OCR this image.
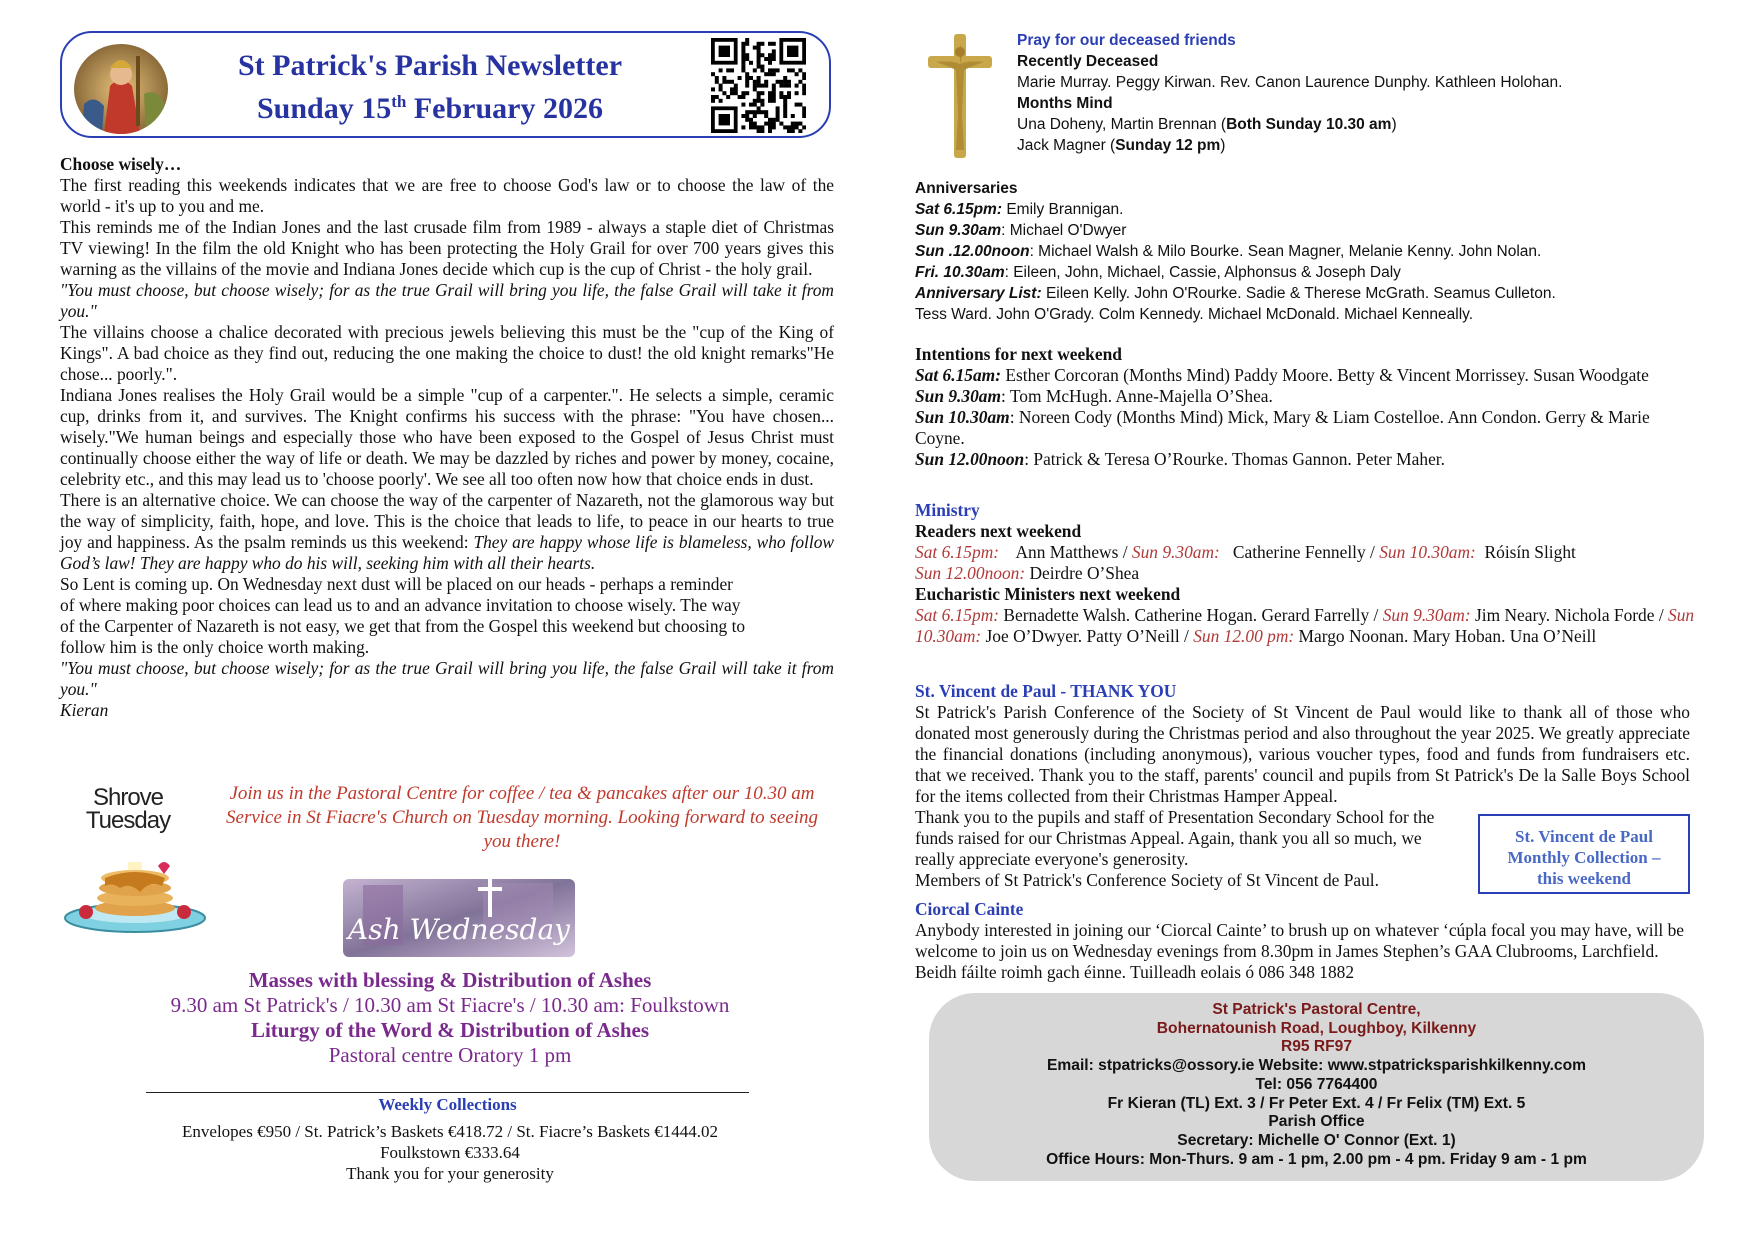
St Patrick's Parish Newsletter
Sunday 15th February 2026

Choose wisely…

The first reading this weekends indicates that we are free to choose God's law or to choose the law of the world - it's up to you and me.

This reminds me of the Indian Jones and the last crusade film from 1989 - always a staple diet of Christmas TV viewing! In the film the old Knight who has been protecting the Holy Grail for over 700 years gives this warning as the villains of the movie and Indiana Jones decide which cup is the cup of Christ - the holy grail.

"You must choose, but choose wisely; for as the true Grail will bring you life, the false Grail will take it from you."

The villains choose a chalice decorated with precious jewels believing this must be the "cup of the King of Kings". A bad choice as they find out, reducing the one making the choice to dust! the old knight remarks"He chose... poorly.".

Indiana Jones realises the Holy Grail would be a simple "cup of a carpenter.". He selects a simple, ceramic cup, drinks from it, and survives. The Knight confirms his success with the phrase: "You have chosen... wisely."We human beings and especially those who have been exposed to the Gospel of Jesus Christ must continually choose either the way of life or death. We may be dazzled by riches and power by money, cocaine, celebrity etc., and this may lead us to 'choose poorly'. We see all too often now how that choice ends in dust.

There is an alternative choice. We can choose the way of the carpenter of Nazareth, not the glamorous way but the way of simplicity, faith, hope, and love. This is the choice that leads to life, to peace in our hearts to true joy and happiness. As the psalm reminds us this weekend: They are happy whose life is blameless, who follow God’s law! They are happy who do his will, seeking him with all their hearts.

So Lent is coming up. On Wednesday next dust will be placed on our heads - perhaps a reminder of where making poor choices can lead us to and an advance invitation to choose wisely. The way of the Carpenter of Nazareth is not easy, we get that from the Gospel this weekend but choosing to follow him is the only choice worth making.

"You must choose, but choose wisely; for as the true Grail will bring you life, the false Grail will take it from you."

Kieran

Shrove
Tuesday
Join us in the Pastoral Centre for coffee / tea & pancakes after our 10.30 am Service in St Fiacre's Church on Tuesday morning. Looking forward to seeing you there!
Ash Wednesday
Masses with blessing & Distribution of Ashes
9.30 am St Patrick's / 10.30 am St Fiacre's / 10.30 am: Foulkstown
Liturgy of the Word & Distribution of Ashes
Pastoral centre Oratory 1 pm
Weekly Collections
Envelopes €950 / St. Patrick’s Baskets €418.72 / St. Fiacre’s Baskets €1444.02
Foulkstown €333.64
Thank you for your generosity
Pray for our deceased friends
Recently Deceased
Marie Murray. Peggy Kirwan. Rev. Canon Laurence Dunphy. Kathleen Holohan.
Months Mind
Una Doheny, Martin Brennan (Both Sunday 10.30 am)
Jack Magner (Sunday 12 pm)
Anniversaries
Sat 6.15pm: Emily Brannigan.
Sun 9.30am: Michael O'Dwyer
Sun .12.00noon: Michael Walsh & Milo Bourke. Sean Magner, Melanie Kenny. John Nolan.
Fri. 10.30am: Eileen, John, Michael, Cassie, Alphonsus & Joseph Daly
Anniversary List: Eileen Kelly. John O'Rourke. Sadie & Therese McGrath. Seamus Culleton.
Tess Ward. John O'Grady. Colm Kennedy. Michael McDonald. Michael Kenneally.
Intentions for next weekend
Sat 6.15am: Esther Corcoran (Months Mind) Paddy Moore. Betty & Vincent Morrissey. Susan Woodgate
Sun 9.30am: Tom McHugh. Anne-Majella O’Shea.
Sun 10.30am: Noreen Cody (Months Mind) Mick, Mary & Liam Costelloe. Ann Condon. Gerry & Marie Coyne.
Sun 12.00noon: Patrick & Teresa O’Rourke. Thomas Gannon. Peter Maher.
Ministry
Readers next weekend
Sat 6.15pm:    Ann Matthews / Sun 9.30am:   Catherine Fennelly / Sun 10.30am:  Róisín Slight
Sun 12.00noon: Deirdre O’Shea
Eucharistic Ministers next weekend
Sat 6.15pm: Bernadette Walsh. Catherine Hogan. Gerard Farrelly / Sun 9.30am: Jim Neary. Nichola Forde / Sun 10.30am: Joe O’Dwyer. Patty O’Neill / Sun 12.00 pm: Margo Noonan. Mary Hoban. Una O’Neill
St. Vincent de Paul - THANK YOU
St Patrick's Parish Conference of the Society of St Vincent de Paul would like to thank all of those who donated most generously during the Christmas period and also throughout the year 2025. We greatly appreciate the financial donations (including anonymous), various voucher types, food and funds from fundraisers etc. that we received. Thank you to the staff, parents' council and pupils from St Patrick's De la Salle Boys School for the items collected from their Christmas Hamper Appeal.
Thank you to the pupils and staff of Presentation Secondary School for the
funds raised for our Christmas Appeal. Again, thank you all so much, we
really appreciate everyone's generosity.
Members of St Patrick's Conference Society of St Vincent de Paul.
St. Vincent de Paul
Monthly Collection –
this weekend
Ciorcal Cainte
Anybody interested in joining our ‘Ciorcal Cainte’ to brush up on whatever ‘cúpla focal you may have, will be welcome to join us on Wednesday evenings from 8.30pm in James Stephen’s GAA Clubrooms, Larchfield. Beidh fáilte roimh gach éinne. Tuilleadh eolais ó 086 348 1882
St Patrick's Pastoral Centre,
Bohernatounish Road, Loughboy, Kilkenny
R95 RF97
Email: stpatricks@ossory.ie Website: www.stpatricksparishkilkenny.com
Tel: 056 7764400
Fr Kieran (TL) Ext. 3 / Fr Peter Ext. 4 / Fr Felix (TM) Ext. 5
Parish Office
Secretary: Michelle O' Connor (Ext. 1)
Office Hours: Mon-Thurs. 9 am - 1 pm, 2.00 pm - 4 pm. Friday 9 am - 1 pm
